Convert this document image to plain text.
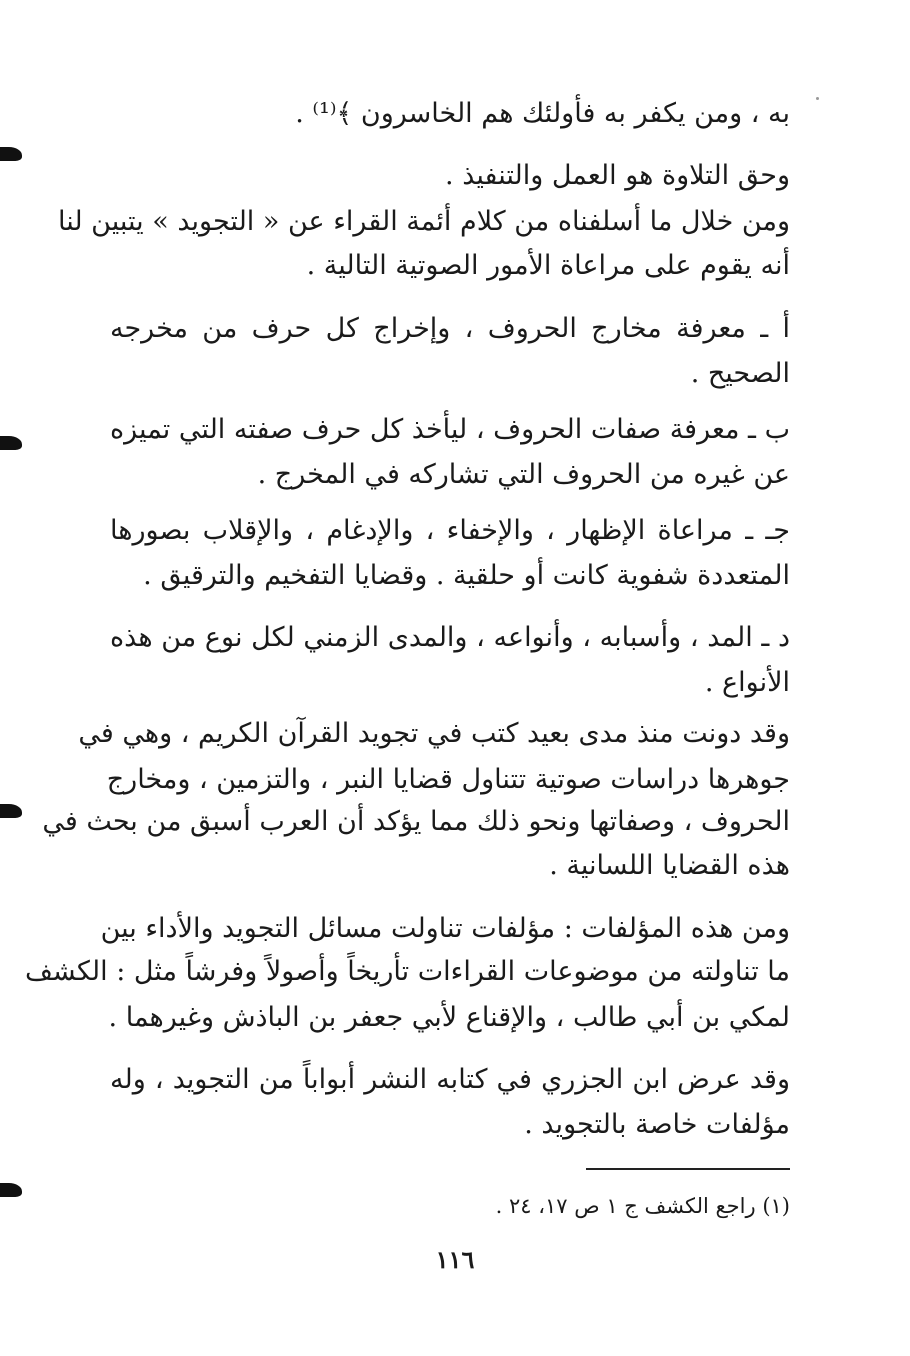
به ، ومن يكفر به فأولئك هم الخاسرون ﴾⁽¹⁾ .
وحق التلاوة هو العمل والتنفيذ .
ومن خلال ما أسلفناه من كلام أئمة القراء عن « التجويد » يتبين لنا
أنه يقوم على مراعاة الأمور الصوتية التالية .
أ ـ معرفة مخارج الحروف ، وإخراج كل حرف من مخرجه
الصحيح .
ب ـ معرفة صفات الحروف ، ليأخذ كل حرف صفته التي تميزه
عن غيره من الحروف التي تشاركه في المخرج .
جـ ـ مراعاة الإظهار ، والإخفاء ، والإدغام ، والإقلاب بصورها
المتعددة شفوية كانت أو حلقية . وقضايا التفخيم والترقيق .
د ـ المد ، وأسبابه ، وأنواعه ، والمدى الزمني لكل نوع من هذه
الأنواع .
وقد دونت منذ مدى بعيد كتب في تجويد القرآن الكريم ، وهي في
جوهرها دراسات صوتية تتناول قضايا النبر ، والتزمين ، ومخارج
الحروف ، وصفاتها ونحو ذلك مما يؤكد أن العرب أسبق من بحث في
هذه القضايا اللسانية .
ومن هذه المؤلفات : مؤلفات تناولت مسائل التجويد والأداء بين
ما تناولته من موضوعات القراءات تأريخاً وأصولاً وفرشاً مثل : الكشف
لمكي بن أبي طالب ، والإقناع لأبي جعفر بن الباذش وغيرهما .
وقد عرض ابن الجزري في كتابه النشر أبواباً من التجويد ، وله
مؤلفات خاصة بالتجويد .
(١) راجع الكشف ج ١ ص ١٧، ٢٤ .
١١٦
